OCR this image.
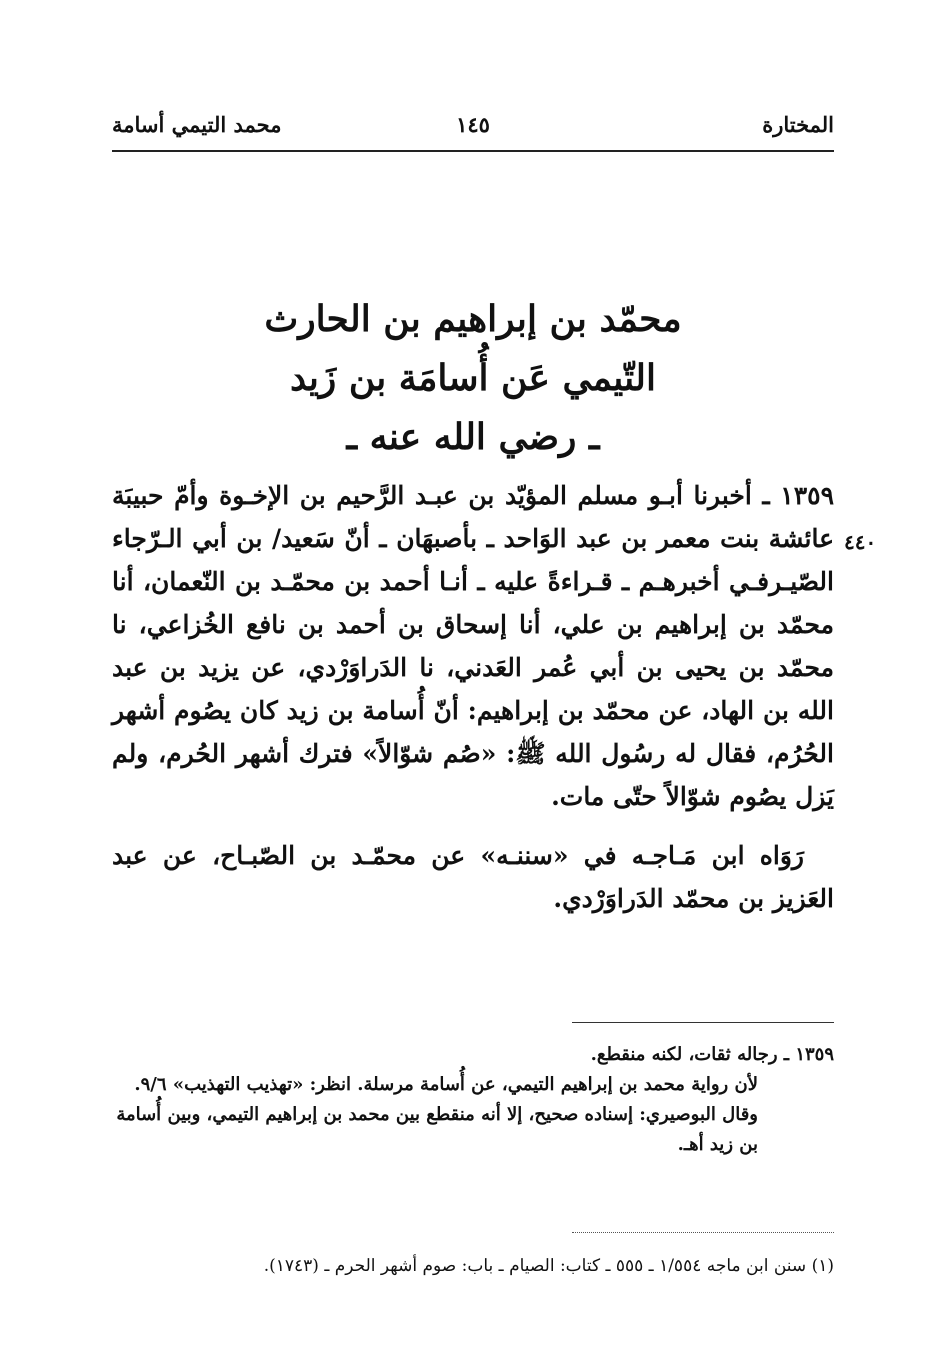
المختارة
١٤٥
محمد التيمي أسامة
محمّد بن إبراهيم بن الحارث
التّيمي عَن أُسامَة بن زَيد
ـ رضي الله عنه ـ

١٣٥٩ ـ أخبرنا أبـو مسلم المؤيّد بن عبـد الرَّحيم بن الإخـوة وأمّ حبيبَة عائشة بنت معمر بن عبد الوَاحد ـ بأصبهَان ـ أنّ سَعيد/ بن أبي الـرّجاء الصّيـرفـي أخبرهـم ـ قـراءةً عليه ـ أنـا أحمد بن محمّـد بن النّعمان، أنا محمّد بن إبراهيم بن علي، أنا إسحاق بن أحمد بن نافع الخُزاعي، نا محمّد بن يحيى بن أبي عُمر العَدني، نا الدَراوَرْدي، عن يزيد بن عبد الله بن الهاد، عن محمّد بن إبراهيم: أنّ أُسامة بن زيد كان يصُوم أشهر الحُرُم، فقال له رسُول الله ﷺ: «صُم شوّالاً» فترك أشهر الحُرم، ولم يَزل يصُوم شوّالاً حتّى مات.

رَوَاه ابن مَـاجـه في «سننـه» عن محمّـد بن الصّبـاح، عن عبد العَزيز بن محمّد الدَراوَرْدي.

٤٤٠

١٣٥٩ ـ رجاله ثقات، لكنه منقطع.

لأن رواية محمد بن إبراهيم التيمي، عن أُسامة مرسلة. انظر: «تهذيب التهذيب» ٩/٦.

وقال البوصيري: إسناده صحيح، إلا أنه منقطع بين محمد بن إبراهيم التيمي، وبين أُسامة بن زيد أهـ.

(١) سنن ابن ماجه ١/٥٥٤ ـ ٥٥٥ ـ كتاب: الصيام ـ باب: صوم أشهر الحرم ـ (١٧٤٣).
